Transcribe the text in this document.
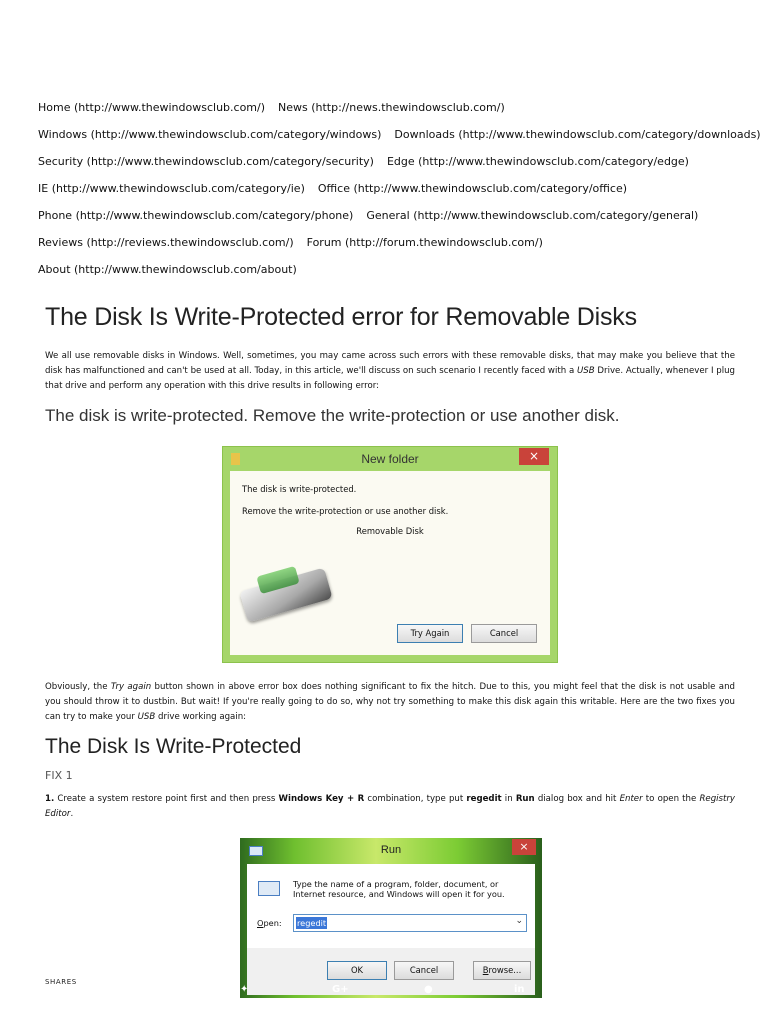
Home (http://www.thewindowsclub.com/) News (http://news.thewindowsclub.com/)
Windows (http://www.thewindowsclub.com/category/windows) Downloads (http://www.thewindowsclub.com/category/downloads)
Security (http://www.thewindowsclub.com/category/security) Edge (http://www.thewindowsclub.com/category/edge)
IE (http://www.thewindowsclub.com/category/ie) Office (http://www.thewindowsclub.com/category/office)
Phone (http://www.thewindowsclub.com/category/phone) General (http://www.thewindowsclub.com/category/general)
Reviews (http://reviews.thewindowsclub.com/) Forum (http://forum.thewindowsclub.com/)
About (http://www.thewindowsclub.com/about)
The Disk Is Write-Protected error for Removable Disks

We all use removable disks in Windows. Well, sometimes, you may came across such errors with these removable disks, that may make you believe that the disk has malfunctioned and can't be used at all. Today, in this article, we'll discuss on such scenario I recently faced with a USB Drive. Actually, whenever I plug that drive and perform any operation with this drive results in following error:

The disk is write-protected. Remove the write-protection or use another disk.
New folder	×
The disk is write-protected.
Remove the write-protection or use another disk.
Removable Disk
Try Again	Cancel

Obviously, the Try again button shown in above error box does nothing significant to fix the hitch. Due to this, you might feel that the disk is not usable and you should throw it to dustbin. But wait! If you're really going to do so, why not try something to make this disk again this writable. Here are the two fixes you can try to make your USB drive working again:

The Disk Is Write-Protected
FIX 1

1. Create a system restore point first and then press Windows Key + R combination, type put regedit in Run dialog box and hit Enter to open the Registry Editor.

Run	×
Type the name of a program, folder, document, or Internet resource, and Windows will open it for you.
Open: regedit	⌄
OK	Cancel	Browse...
SHARES
✦	G+	●	in
